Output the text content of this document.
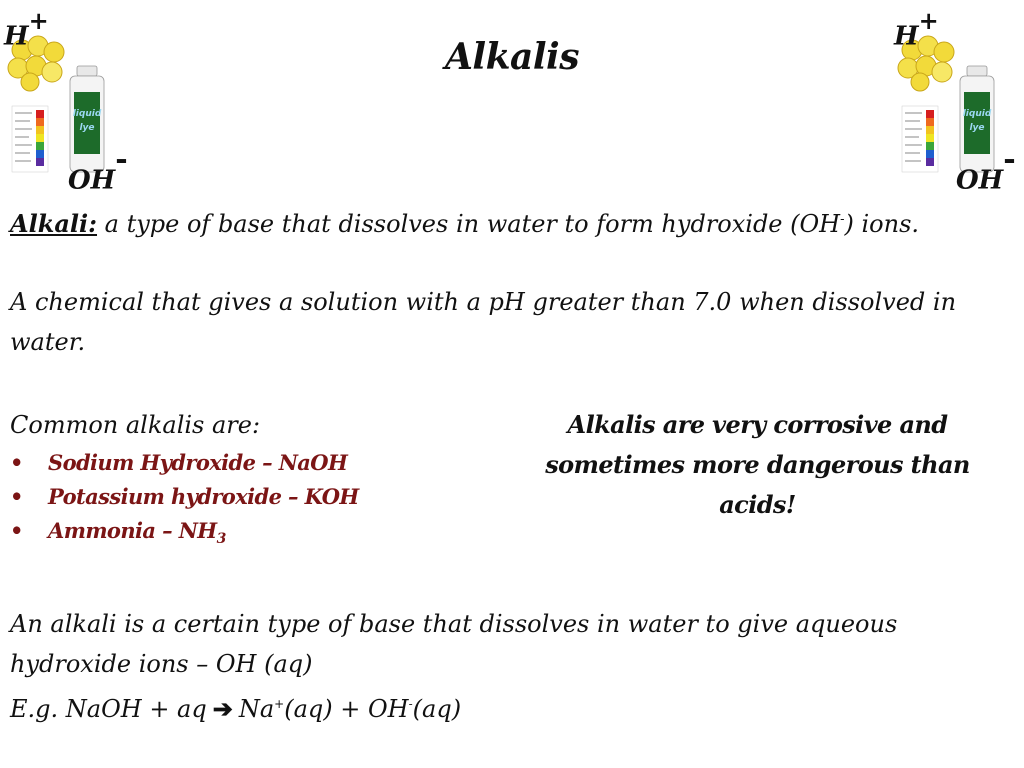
Alkalis
liquid
lye
H+
OH-
liquid
lye
H+
OH-
Alkali: a type of base that dissolves in water to form hydroxide (OH-) ions.
A chemical that gives a solution with a pH greater than 7.0 when dissolved in water.
Common alkalis are:
• Sodium Hydroxide – NaOH
• Potassium hydroxide – KOH
• Ammonia – $NH_3$
Alkalis are very corrosive and sometimes more dangerous than acids!
An alkali is a certain type of base that dissolves in water to give aqueous hydroxide ions – OH (aq)
E.g. NaOH + aq ➔ Na+(aq) + OH-(aq)
